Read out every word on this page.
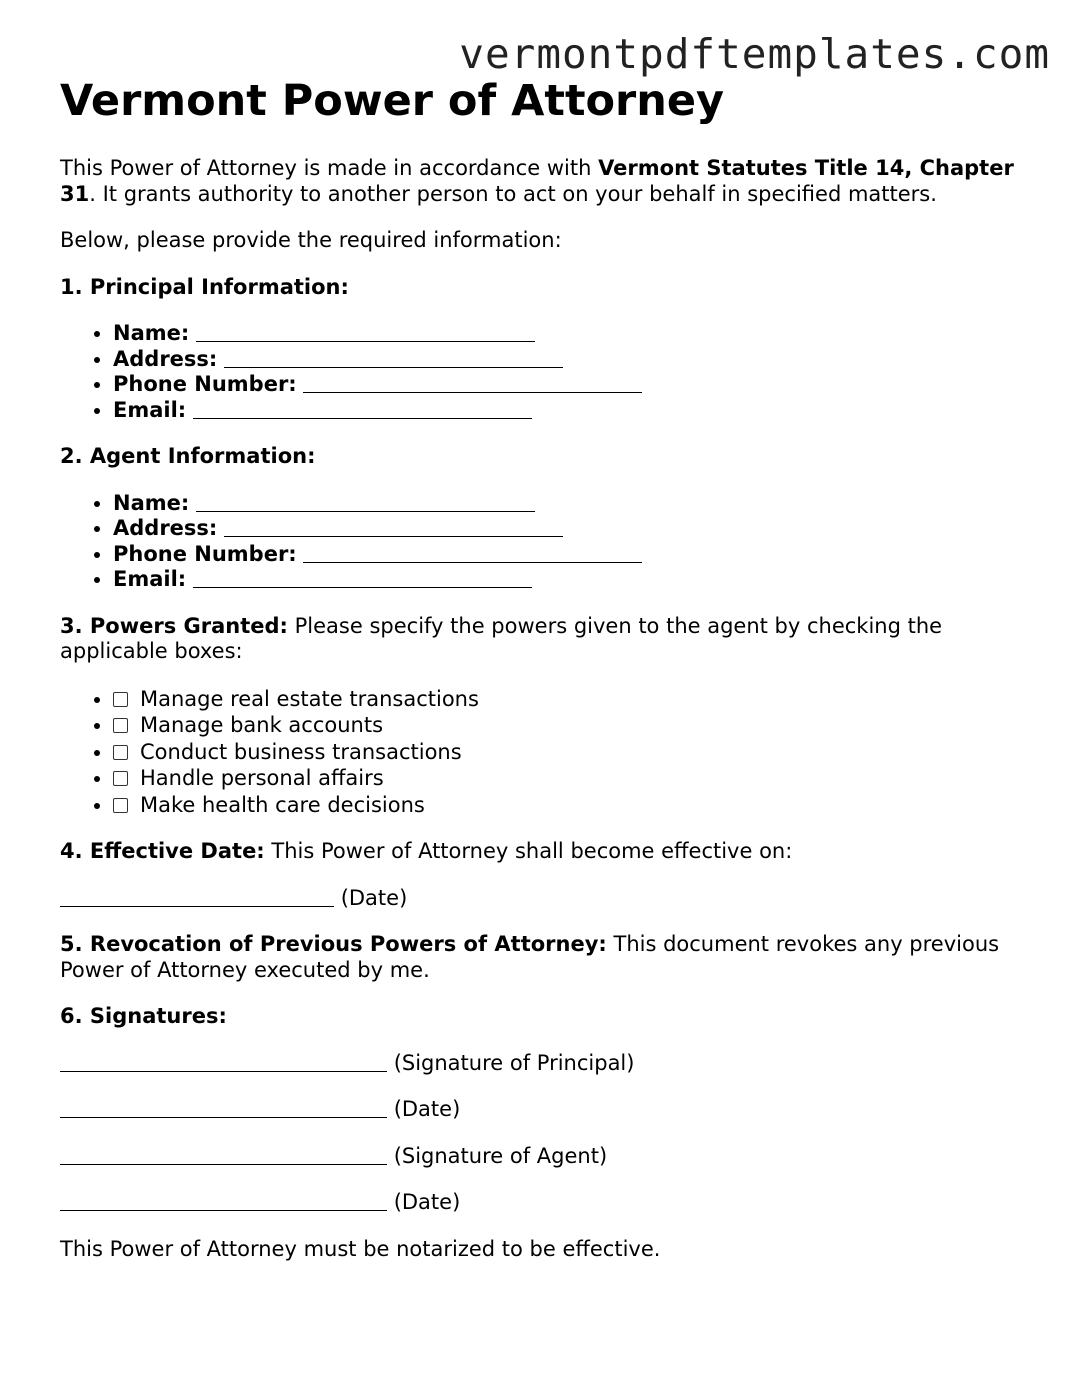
vermontpdftemplates.com
Vermont Power of Attorney

This Power of Attorney is made in accordance with Vermont Statutes Title 14, Chapter 31. It grants authority to another person to act on your behalf in specified matters.

Below, please provide the required information:

1. Principal Information:

• Name:
• Address:
• Phone Number:
• Email:

2. Agent Information:

• Name:
• Address:
• Phone Number:
• Email:

3. Powers Granted: Please specify the powers given to the agent by checking the applicable boxes:

• Manage real estate transactions
• Manage bank accounts
• Conduct business transactions
• Handle personal affairs
• Make health care decisions

4. Effective Date: This Power of Attorney shall become effective on:

(Date)

5. Revocation of Previous Powers of Attorney: This document revokes any previous Power of Attorney executed by me.

6. Signatures:

(Signature of Principal)

(Date)

(Signature of Agent)

(Date)

This Power of Attorney must be notarized to be effective.
